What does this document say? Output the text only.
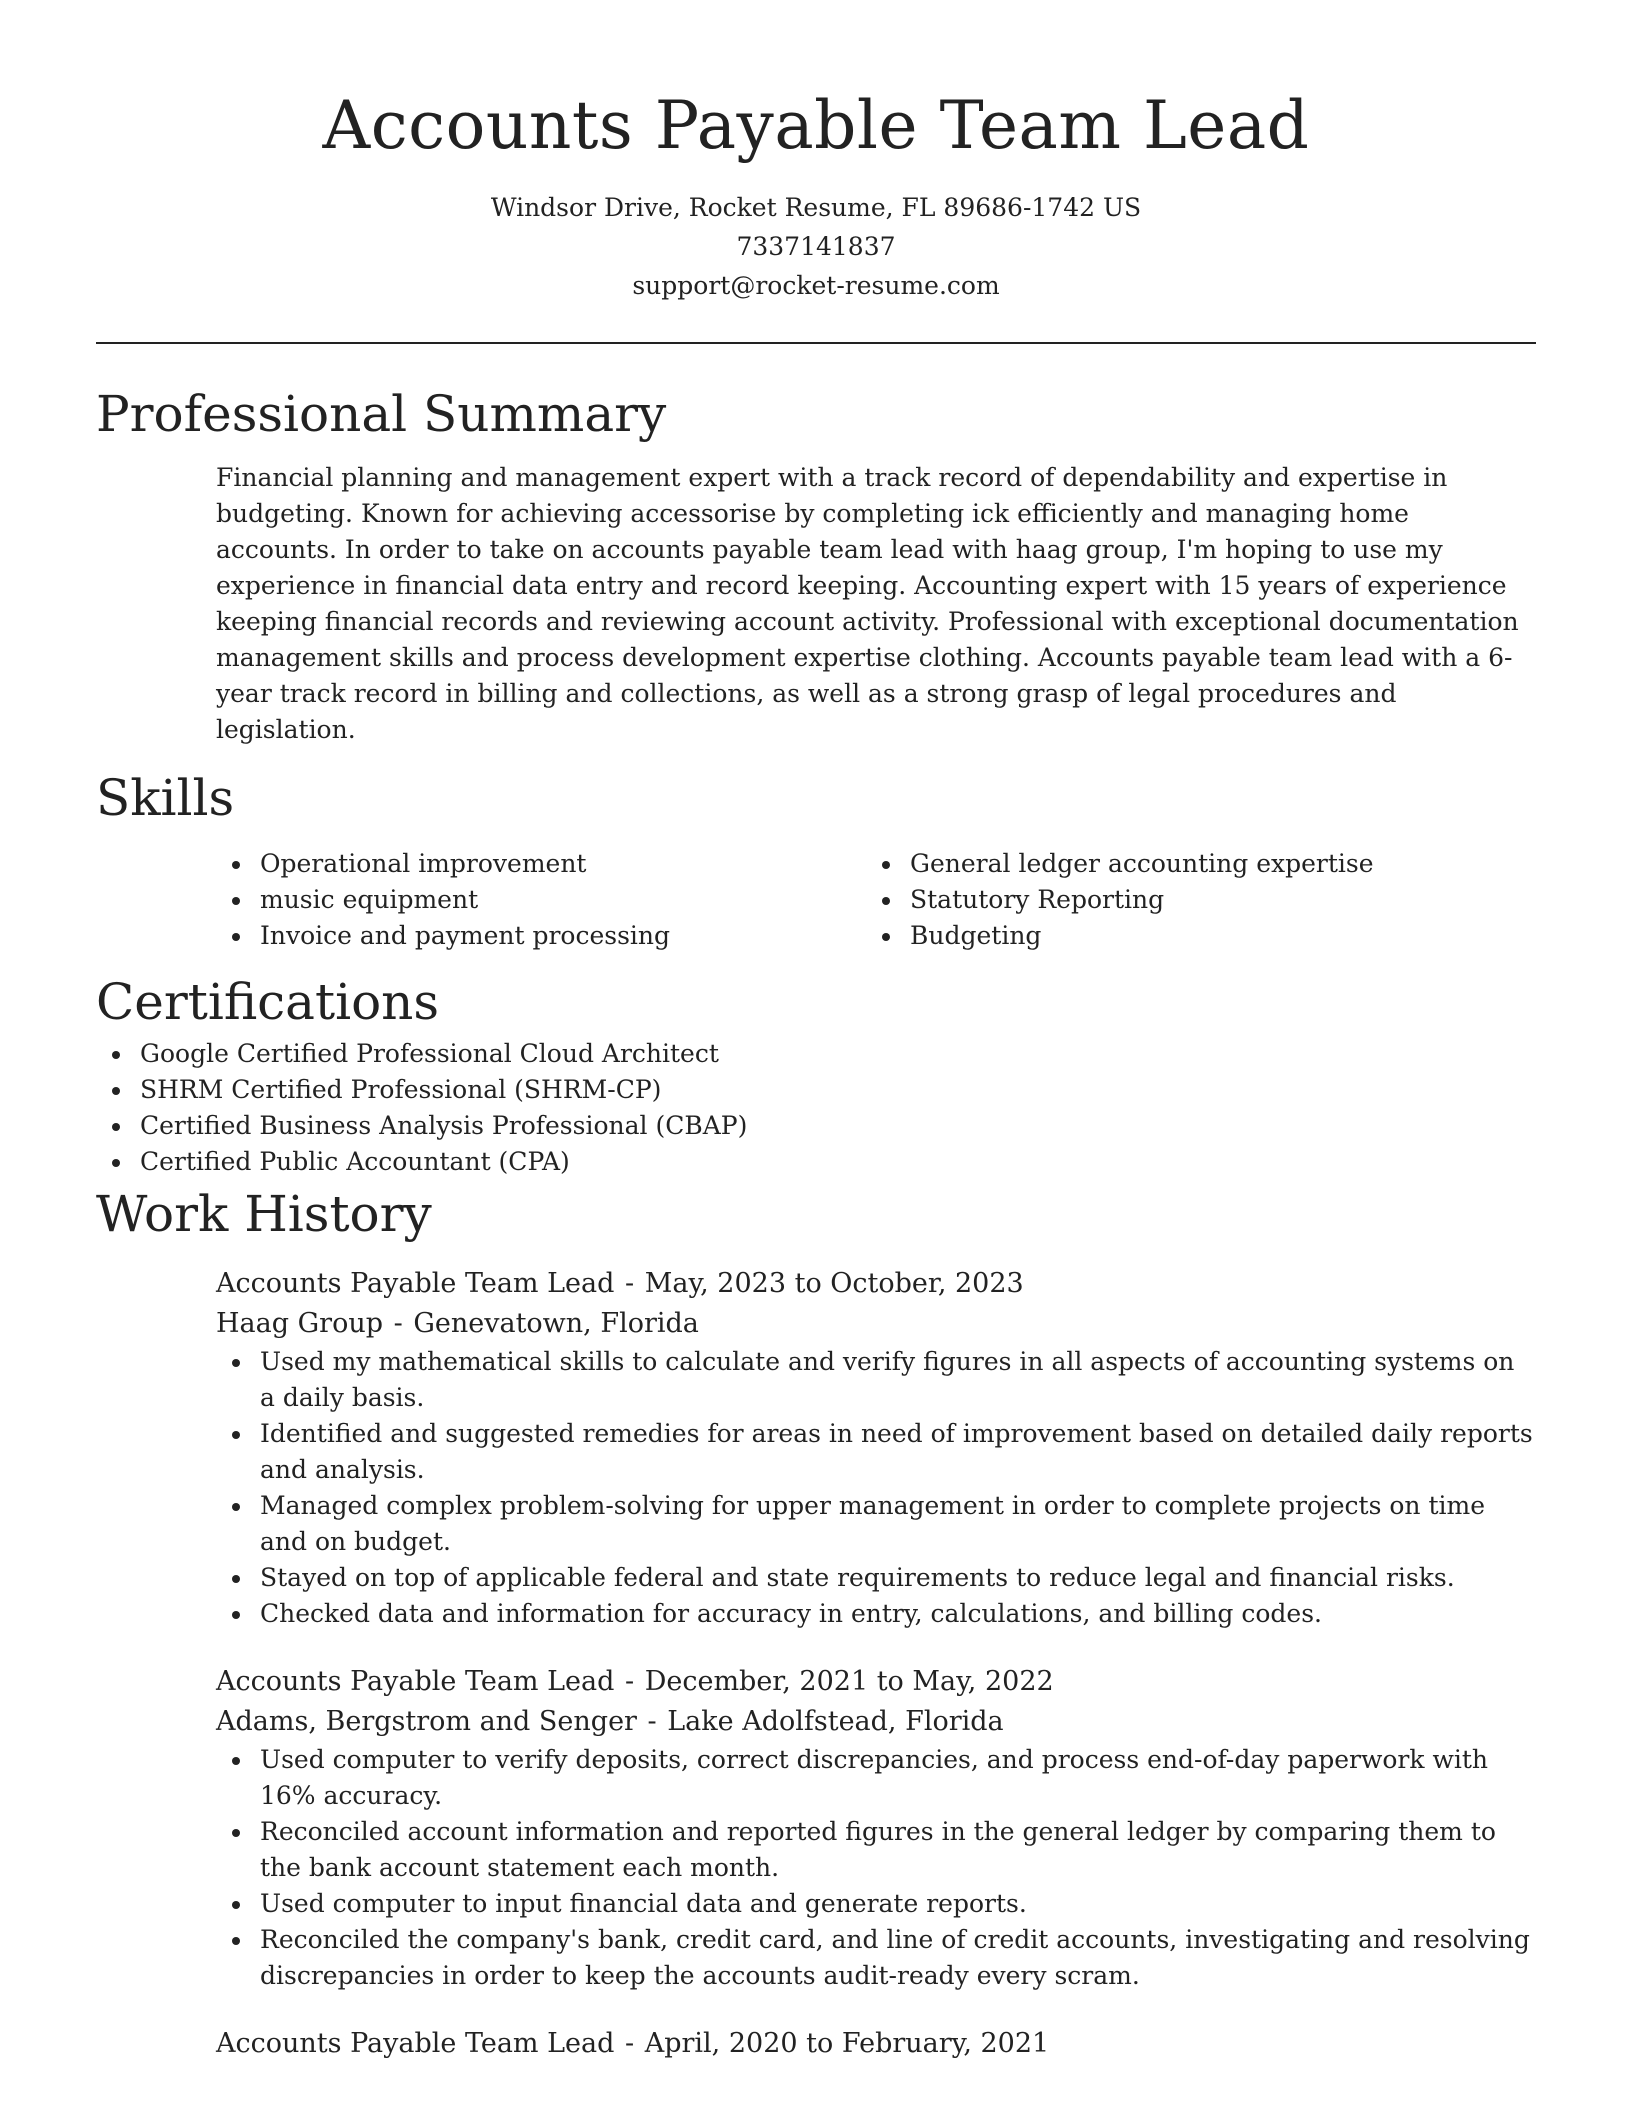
Accounts Payable Team Lead
Windsor Drive, Rocket Resume, FL 89686-1742 US
7337141837
support@rocket-resume.com
Professional Summary

Financial planning and management expert with a track record of dependability and expertise in budgeting. Known for achieving accessorise by completing ick efficiently and managing home accounts. In order to take on accounts payable team lead with haag group, I'm hoping to use my experience in financial data entry and record keeping. Accounting expert with 15 years of experience keeping financial records and reviewing account activity. Professional with exceptional documentation management skills and process development expertise clothing. Accounts payable team lead with a 6-year track record in billing and collections, as well as a strong grasp of legal procedures and legislation.

Skills
Operational improvement
music equipment
Invoice and payment processing
General ledger accounting expertise
Statutory Reporting
Budgeting
Certifications
Google Certified Professional Cloud Architect
SHRM Certified Professional (SHRM-CP)
Certified Business Analysis Professional (CBAP)
Certified Public Accountant (CPA)
Work History
Accounts Payable Team Lead - May, 2023 to October, 2023
Haag Group - Genevatown, Florida
Used my mathematical skills to calculate and verify figures in all aspects of accounting systems on a daily basis.
Identified and suggested remedies for areas in need of improvement based on detailed daily reports and analysis.
Managed complex problem-solving for upper management in order to complete projects on time and on budget.
Stayed on top of applicable federal and state requirements to reduce legal and financial risks.
Checked data and information for accuracy in entry, calculations, and billing codes.
Accounts Payable Team Lead - December, 2021 to May, 2022
Adams, Bergstrom and Senger - Lake Adolfstead, Florida
Used computer to verify deposits, correct discrepancies, and process end-of-day paperwork with 16% accuracy.
Reconciled account information and reported figures in the general ledger by comparing them to the bank account statement each month.
Used computer to input financial data and generate reports.
Reconciled the company's bank, credit card, and line of credit accounts, investigating and resolving discrepancies in order to keep the accounts audit-ready every scram.
Accounts Payable Team Lead - April, 2020 to February, 2021
